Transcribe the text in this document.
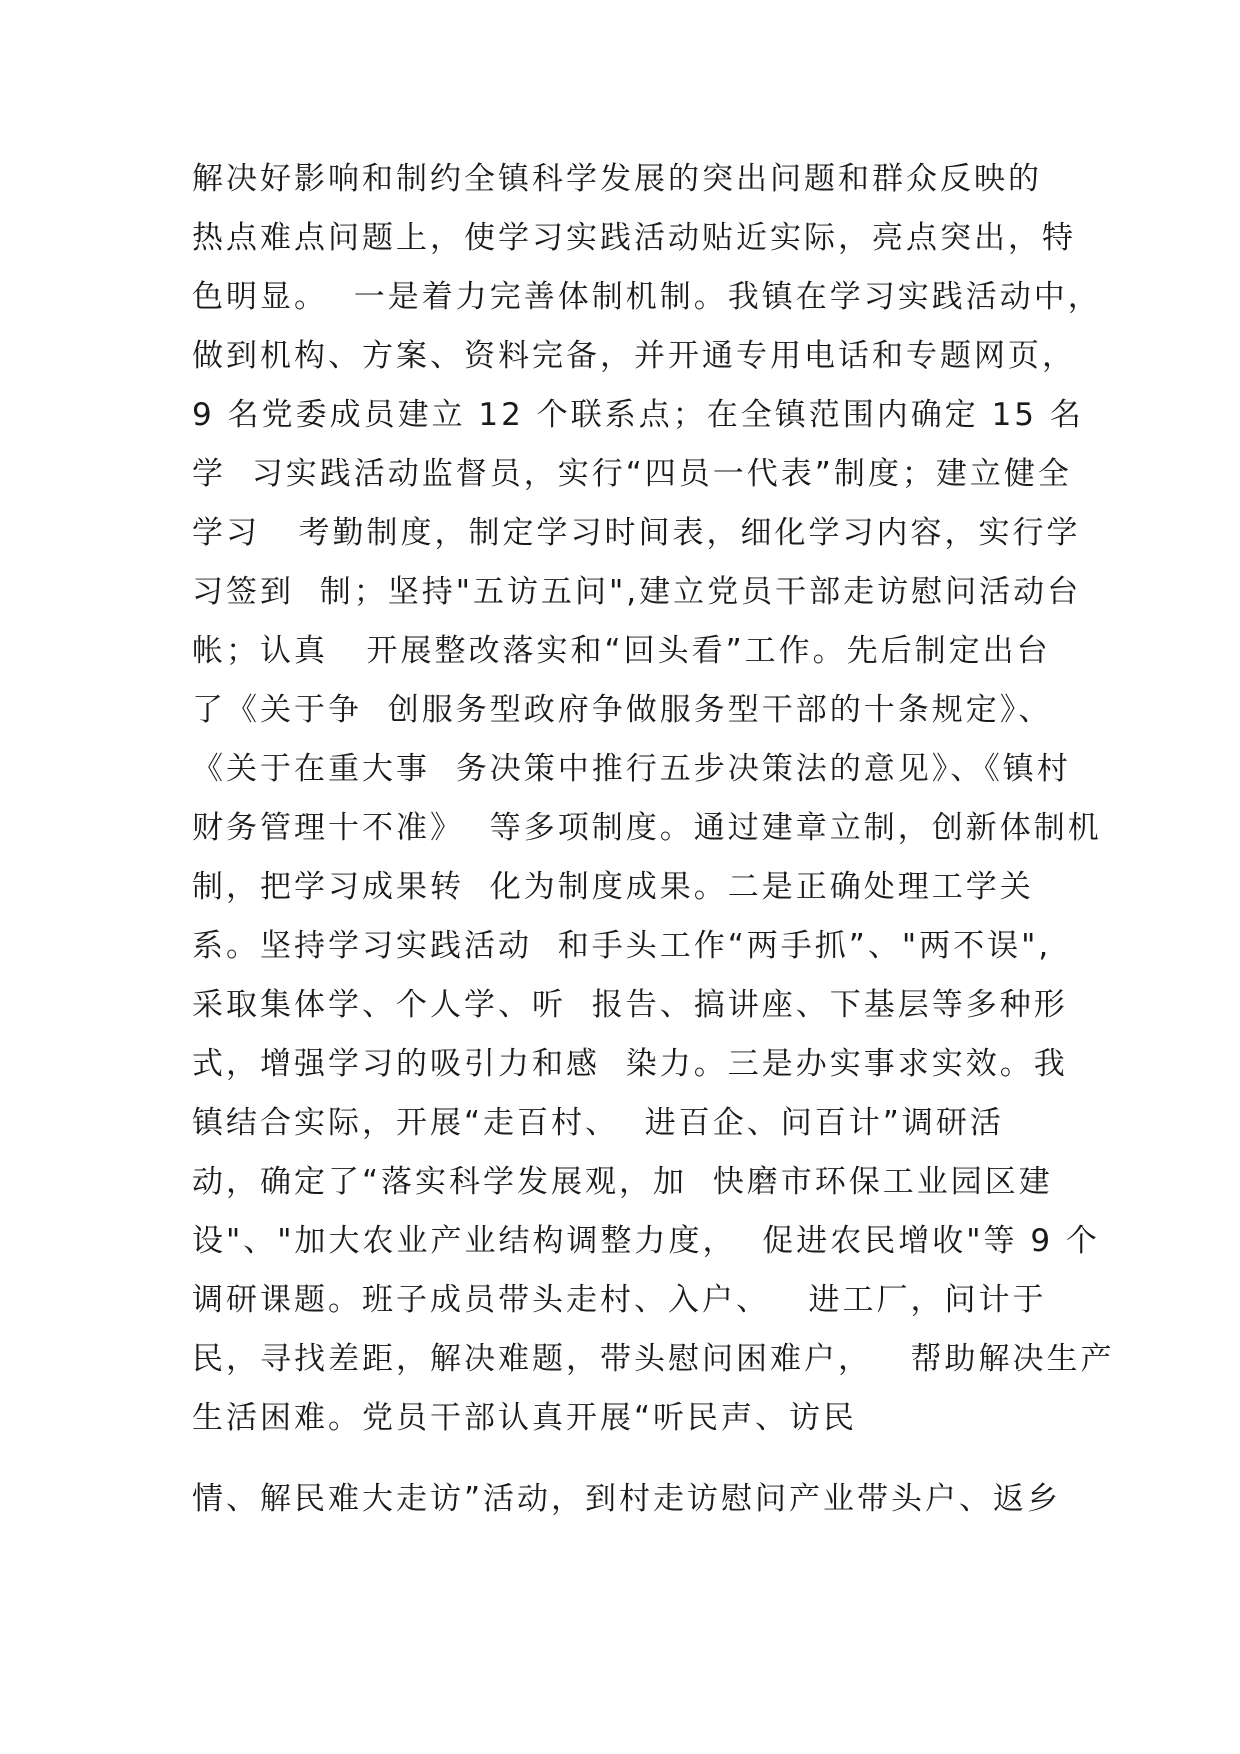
解决好影响和制约全镇科学发展的突出问题和群众反映的
热点难点问题上，使学习实践活动贴近实际，亮点突出，特
色明显。  一是着力完善体制机制。我镇在学习实践活动中，
做到机构、方案、资料完备，并开通专用电话和专题网页，
9 名党委成员建立 12 个联系点；在全镇范围内确定 15 名
学  习实践活动监督员，实行“四员一代表”制度；建立健全
学习   考勤制度，制定学习时间表，细化学习内容，实行学
习签到  制；坚持"五访五问",建立党员干部走访慰问活动台
帐；认真   开展整改落实和“回头看”工作。先后制定出台
了《关于争  创服务型政府争做服务型干部的十条规定》、
《关于在重大事  务决策中推行五步决策法的意见》、《镇村
财务管理十不准》  等多项制度。通过建章立制，创新体制机
制，把学习成果转  化为制度成果。二是正确处理工学关
系。坚持学习实践活动  和手头工作“两手抓”、"两不误",
采取集体学、个人学、听  报告、搞讲座、下基层等多种形
式，增强学习的吸引力和感  染力。三是办实事求实效。我
镇结合实际，开展“走百村、  进百企、问百计”调研活
动，确定了“落实科学发展观，加  快磨市环保工业园区建
设"、"加大农业产业结构调整力度，  促进农民增收"等 9 个
调研课题。班子成员带头走村、入户、   进工厂，问计于
民，寻找差距，解决难题，带头慰问困难户，   帮助解决生产
生活困难。党员干部认真开展“听民声、访民
情、解民难大走访”活动，到村走访慰问产业带头户、返乡
